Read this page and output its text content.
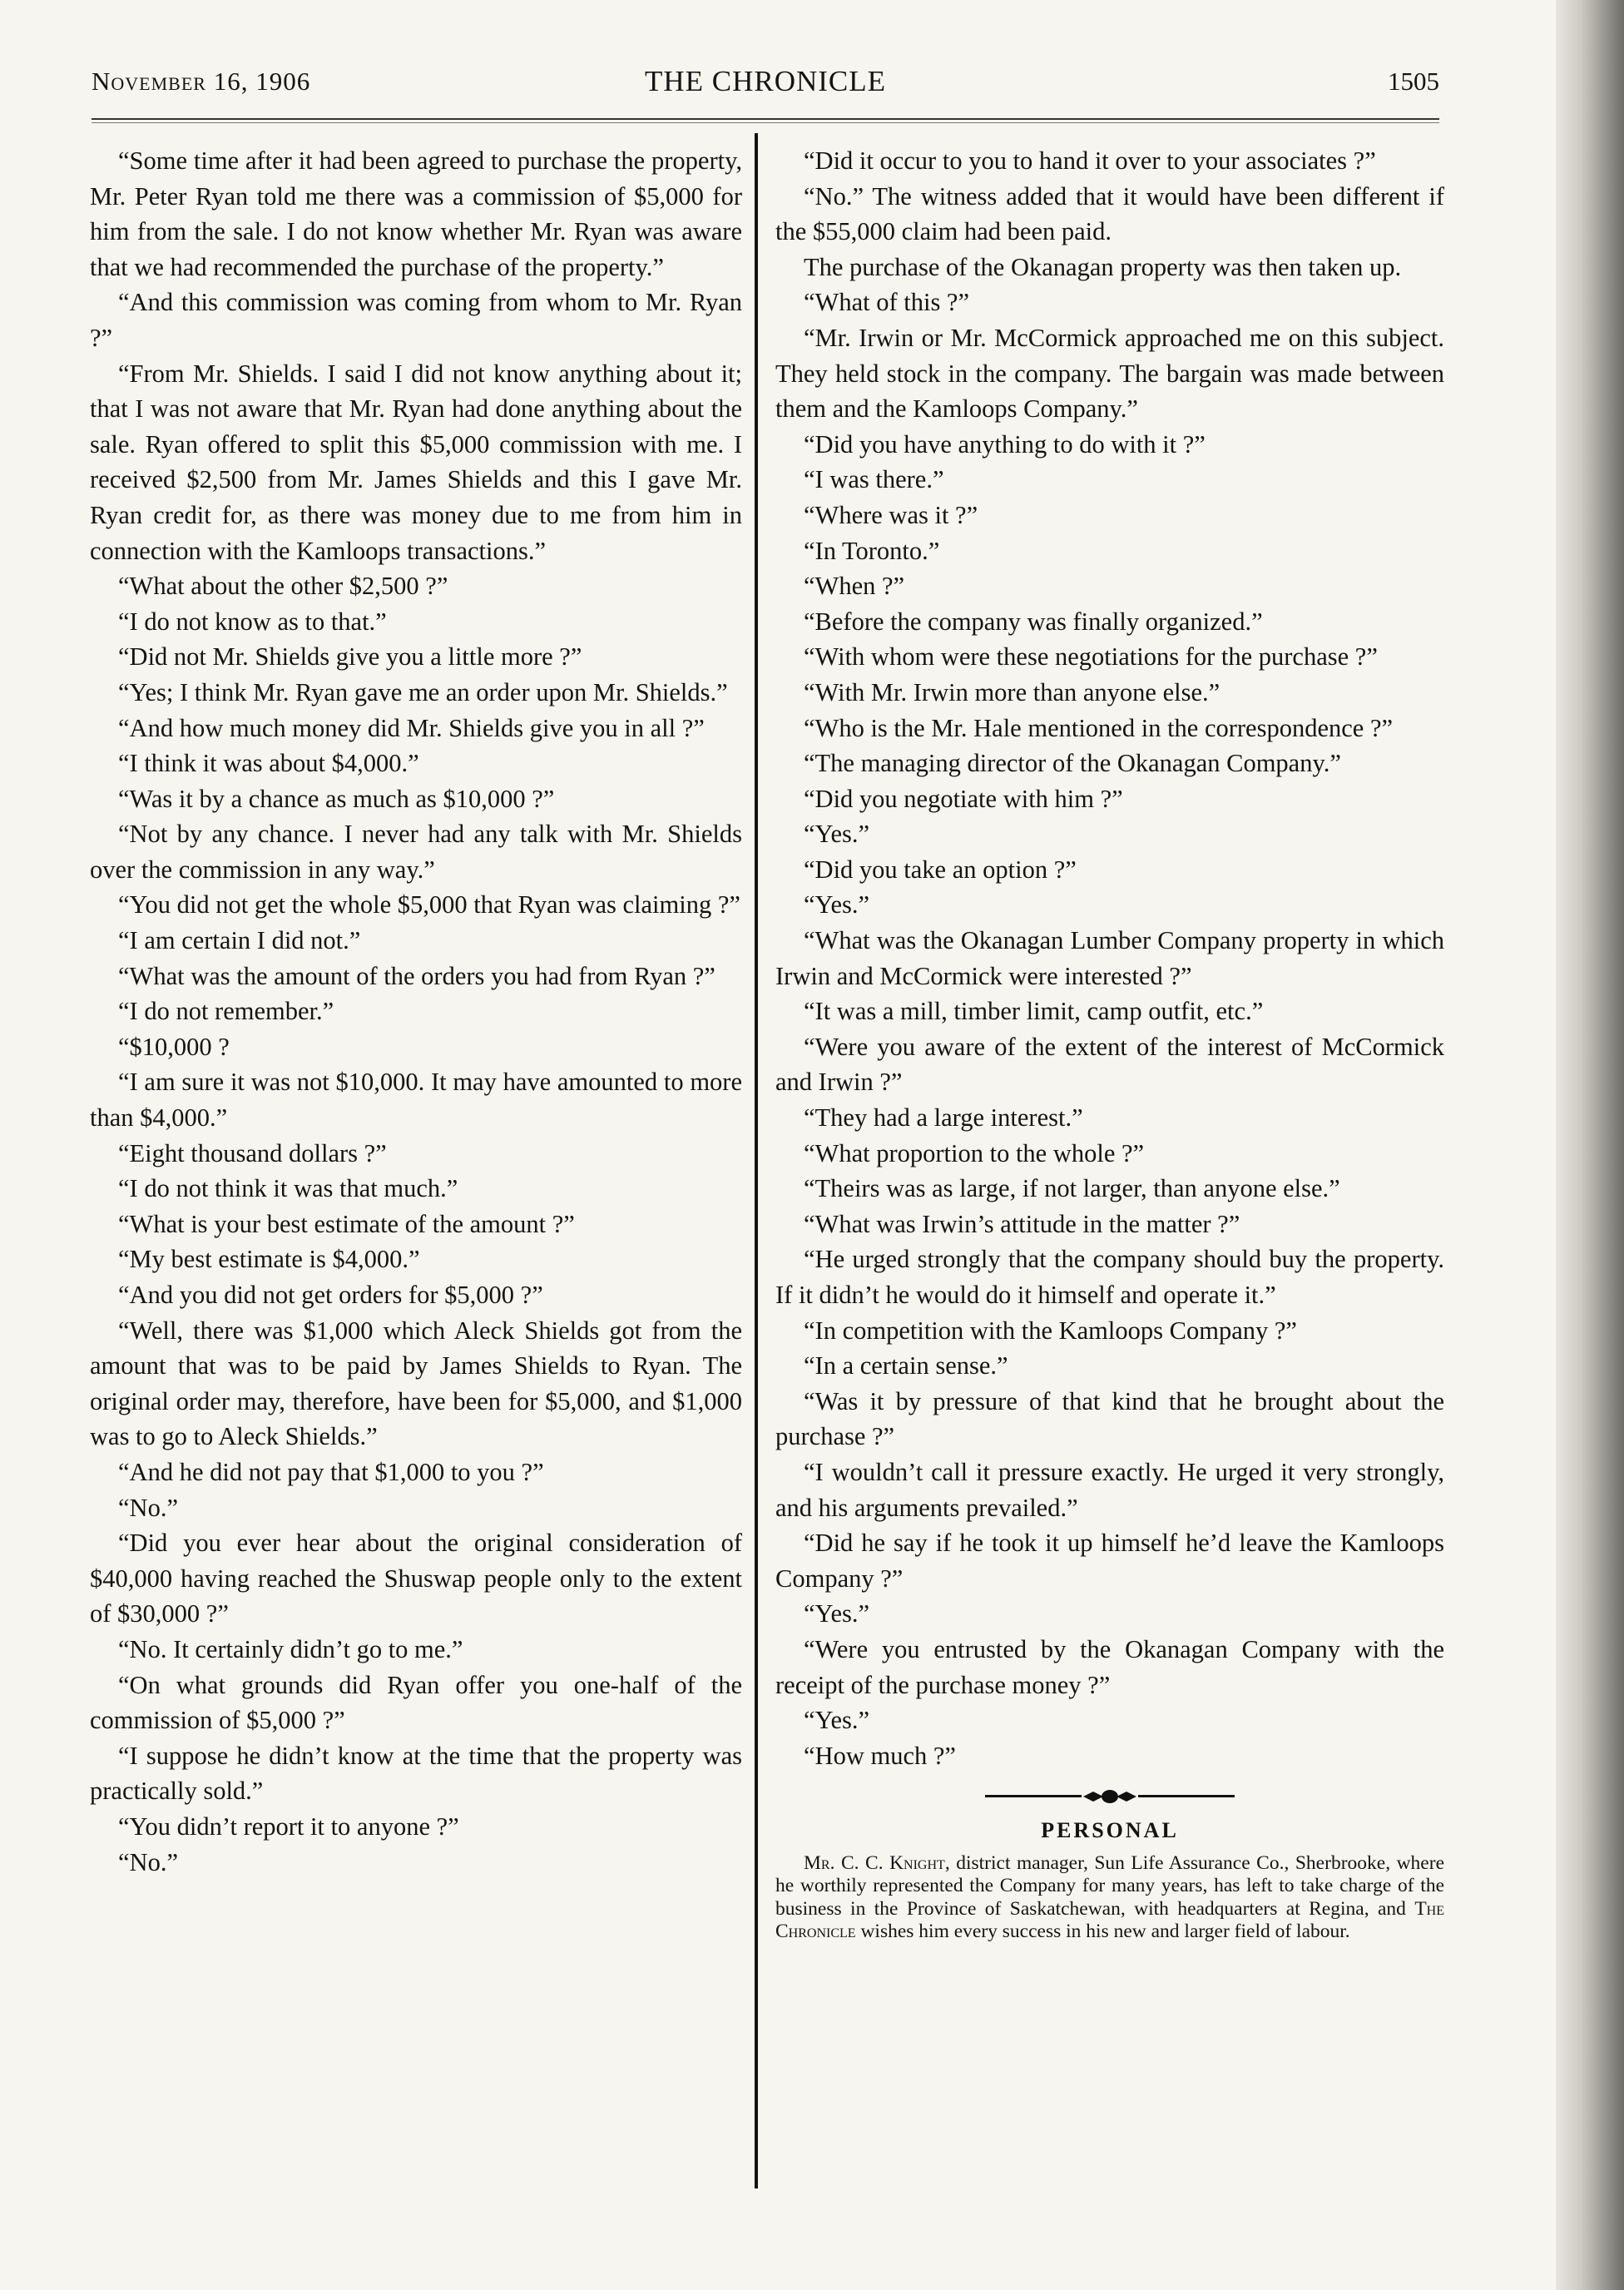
November 16, 1906	THE CHRONICLE	1505

“Some time after it had been agreed to purchase the property, Mr. Peter Ryan told me there was a commission of $5,000 for him from the sale. I do not know whether Mr. Ryan was aware that we had recommended the purchase of the property.”

“And this commission was coming from whom to Mr. Ryan ?”

“From Mr. Shields. I said I did not know anything about it; that I was not aware that Mr. Ryan had done anything about the sale. Ryan offered to split this $5,000 commission with me. I received $2,500 from Mr. James Shields and this I gave Mr. Ryan credit for, as there was money due to me from him in connection with the Kamloops transactions.”

“What about the other $2,500 ?”

“I do not know as to that.”

“Did not Mr. Shields give you a little more ?”

“Yes; I think Mr. Ryan gave me an order upon Mr. Shields.”

“And how much money did Mr. Shields give you in all ?”

“I think it was about $4,000.”

“Was it by a chance as much as $10,000 ?”

“Not by any chance. I never had any talk with Mr. Shields over the commission in any way.”

“You did not get the whole $5,000 that Ryan was claiming ?”

“I am certain I did not.”

“What was the amount of the orders you had from Ryan ?”

“I do not remember.”

“$10,000 ?

“I am sure it was not $10,000. It may have amounted to more than $4,000.”

“Eight thousand dollars ?”

“I do not think it was that much.”

“What is your best estimate of the amount ?”

“My best estimate is $4,000.”

“And you did not get orders for $5,000 ?”

“Well, there was $1,000 which Aleck Shields got from the amount that was to be paid by James Shields to Ryan. The original order may, therefore, have been for $5,000, and $1,000 was to go to Aleck Shields.”

“And he did not pay that $1,000 to you ?”

“No.”

“Did you ever hear about the original consideration of $40,000 having reached the Shuswap people only to the extent of $30,000 ?”

“No. It certainly didn’t go to me.”

“On what grounds did Ryan offer you one-half of the commission of $5,000 ?”

“I suppose he didn’t know at the time that the property was practically sold.”

“You didn’t report it to anyone ?”

“No.”

“Did it occur to you to hand it over to your associates ?”

“No.” The witness added that it would have been different if the $55,000 claim had been paid.

The purchase of the Okanagan property was then taken up.

“What of this ?”

“Mr. Irwin or Mr. McCormick approached me on this subject. They held stock in the company. The bargain was made between them and the Kamloops Company.”

“Did you have anything to do with it ?”

“I was there.”

“Where was it ?”

“In Toronto.”

“When ?”

“Before the company was finally organized.”

“With whom were these negotiations for the purchase ?”

“With Mr. Irwin more than anyone else.”

“Who is the Mr. Hale mentioned in the correspondence ?”

“The managing director of the Okanagan Company.”

“Did you negotiate with him ?”

“Yes.”

“Did you take an option ?”

“Yes.”

“What was the Okanagan Lumber Company property in which Irwin and McCormick were interested ?”

“It was a mill, timber limit, camp outfit, etc.”

“Were you aware of the extent of the interest of McCormick and Irwin ?”

“They had a large interest.”

“What proportion to the whole ?”

“Theirs was as large, if not larger, than anyone else.”

“What was Irwin’s attitude in the matter ?”

“He urged strongly that the company should buy the property. If it didn’t he would do it himself and operate it.”

“In competition with the Kamloops Company ?”

“In a certain sense.”

“Was it by pressure of that kind that he brought about the purchase ?”

“I wouldn’t call it pressure exactly. He urged it very strongly, and his arguments prevailed.”

“Did he say if he took it up himself he’d leave the Kamloops Company ?”

“Yes.”

“Were you entrusted by the Okanagan Company with the receipt of the purchase money ?”

“Yes.”

“How much ?”

PERSONAL

Mr. C. C. Knight, district manager, Sun Life Assurance Co., Sherbrooke, where he worthily represented the Company for many years, has left to take charge of the business in the Province of Saskatchewan, with headquarters at Regina, and The Chronicle wishes him every success in his new and larger field of labour.
